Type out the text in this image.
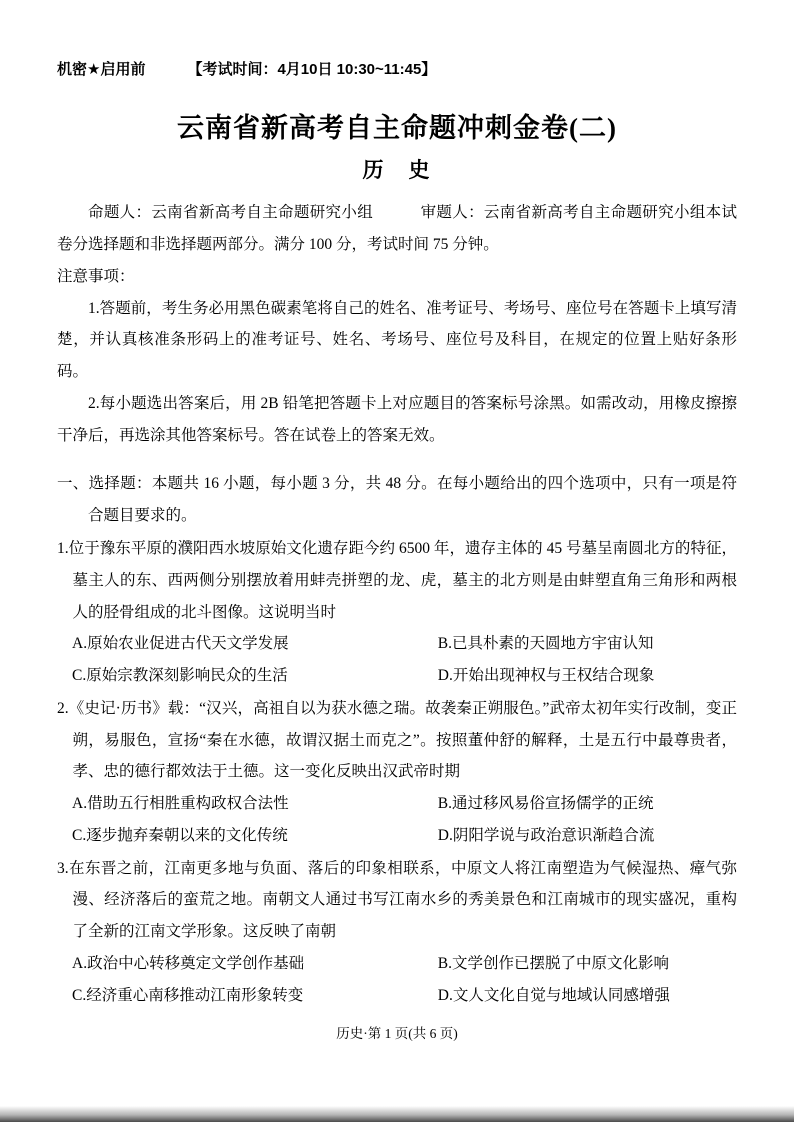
机密★启用前	【考试时间：4月10日 10:30~11:45】
云南省新高考自主命题冲刺金卷(二)
历　史

命题人：云南省新高考自主命题研究小组　　　审题人：云南省新高考自主命题研究小组本试卷分选择题和非选择题两部分。满分 100 分，考试时间 75 分钟。

注意事项：

1.答题前，考生务必用黑色碳素笔将自己的姓名、准考证号、考场号、座位号在答题卡上填写清楚，并认真核准条形码上的准考证号、姓名、考场号、座位号及科目，在规定的位置上贴好条形码。

2.每小题选出答案后，用 2B 铅笔把答题卡上对应题目的答案标号涂黑。如需改动，用橡皮擦擦干净后，再选涂其他答案标号。答在试卷上的答案无效。

一、选择题：本题共 16 小题，每小题 3 分，共 48 分。在每小题给出的四个选项中，只有一项是符合题目要求的。

1.位于豫东平原的濮阳西水坡原始文化遗存距今约 6500 年，遗存主体的 45 号墓呈南圆北方的特征，墓主人的东、西两侧分别摆放着用蚌壳拼塑的龙、虎，墓主的北方则是由蚌塑直角三角形和两根人的胫骨组成的北斗图像。这说明当时

A.原始农业促进古代天文学发展	B.已具朴素的天圆地方宇宙认知
C.原始宗教深刻影响民众的生活	D.开始出现神权与王权结合现象

2.《史记·历书》载：“汉兴，高祖自以为获水德之瑞。故袭秦正朔服色。”武帝太初年实行改制，变正朔，易服色，宣扬“秦在水德，故谓汉据土而克之”。按照董仲舒的解释，土是五行中最尊贵者，孝、忠的德行都效法于土德。这一变化反映出汉武帝时期

A.借助五行相胜重构政权合法性	B.通过移风易俗宣扬儒学的正统
C.逐步抛弃秦朝以来的文化传统	D.阴阳学说与政治意识渐趋合流

3.在东晋之前，江南更多地与负面、落后的印象相联系，中原文人将江南塑造为气候湿热、瘴气弥漫、经济落后的蛮荒之地。南朝文人通过书写江南水乡的秀美景色和江南城市的现实盛况，重构了全新的江南文学形象。这反映了南朝

A.政治中心转移奠定文学创作基础	B.文学创作已摆脱了中原文化影响
C.经济重心南移推动江南形象转变	D.文人文化自觉与地域认同感增强
历史·第 1 页(共 6 页)
